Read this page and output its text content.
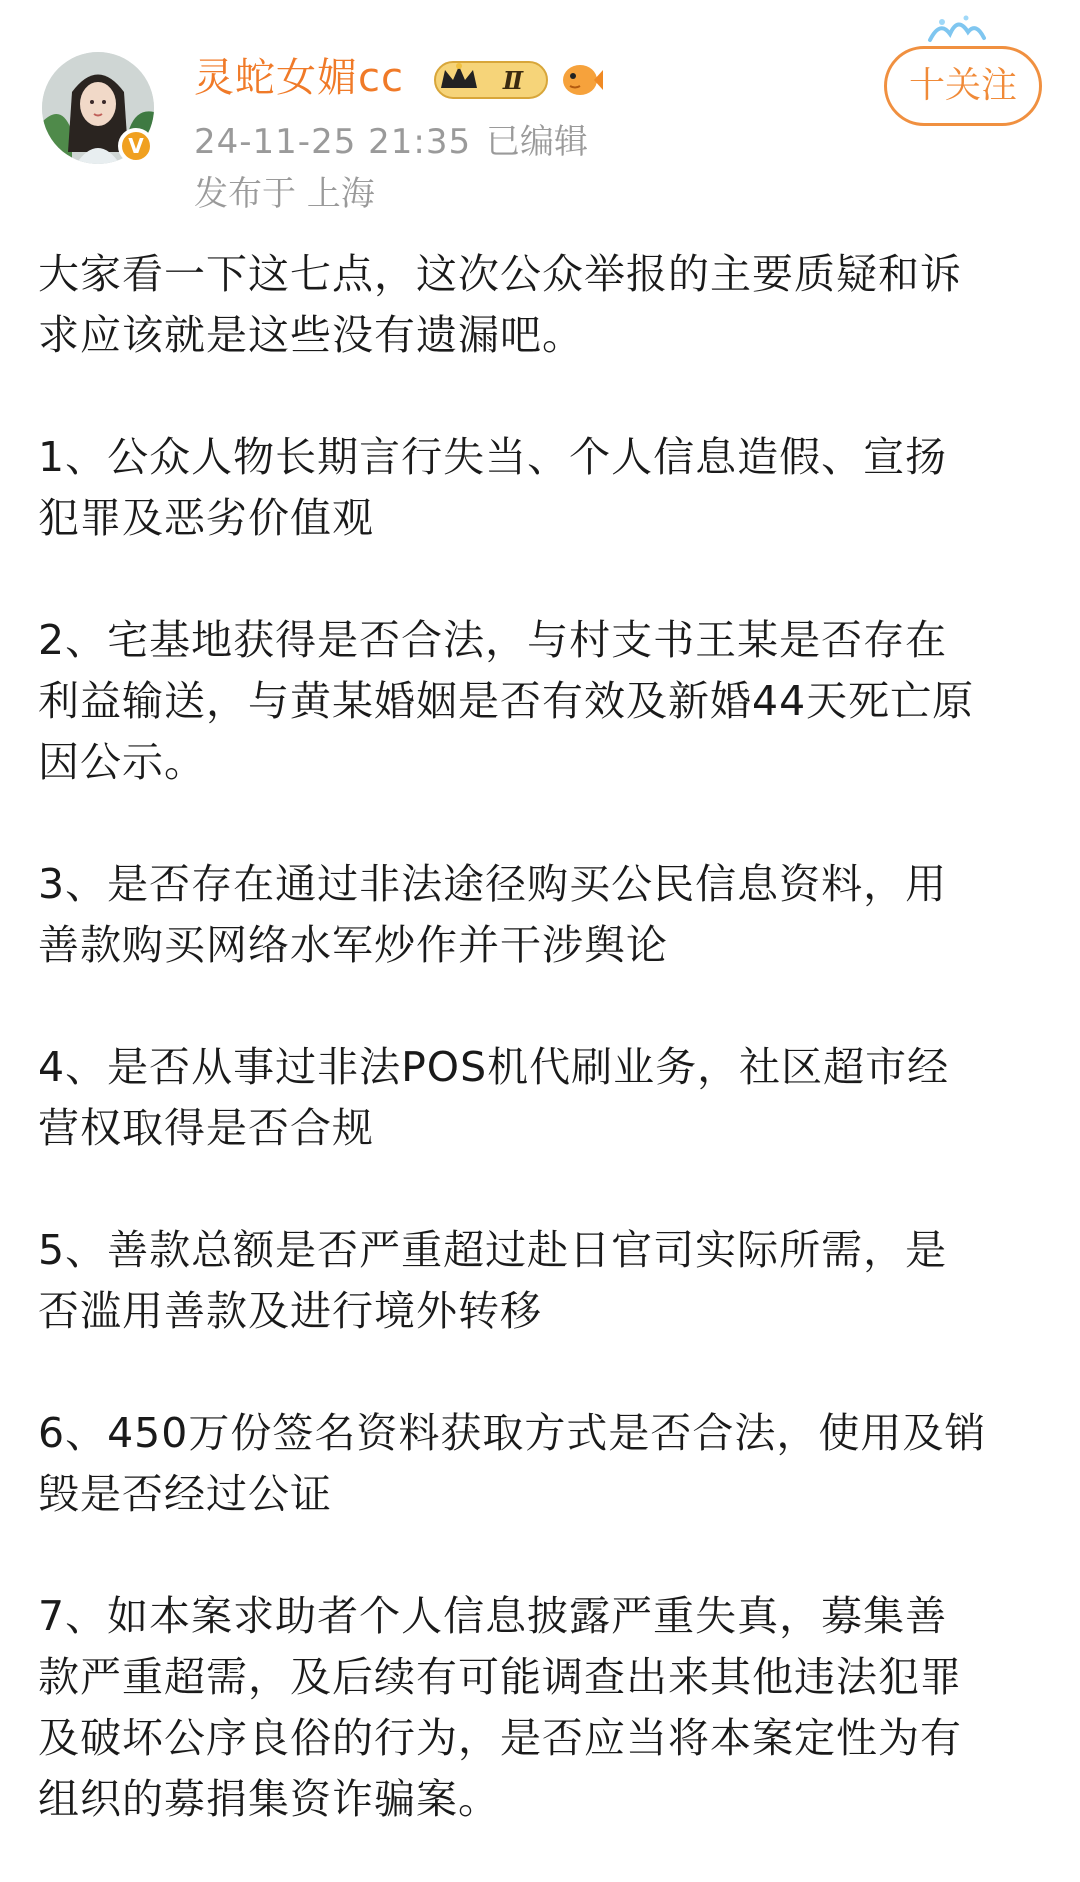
V
灵蛇女媚cc	Ⅱ
24-11-25 21:35 已编辑
发布于 上海
十关注

大家看一下这七点，这次公众举报的主要质疑和诉
求应该就是这些没有遗漏吧。

1、公众人物长期言行失当、个人信息造假、宣扬
犯罪及恶劣价值观

2、宅基地获得是否合法，与村支书王某是否存在
利益输送，与黄某婚姻是否有效及新婚44天死亡原
因公示。

3、是否存在通过非法途径购买公民信息资料，用
善款购买网络水军炒作并干涉舆论

4、是否从事过非法POS机代刷业务，社区超市经
营权取得是否合规

5、善款总额是否严重超过赴日官司实际所需，是
否滥用善款及进行境外转移

6、450万份签名资料获取方式是否合法，使用及销
毁是否经过公证

7、如本案求助者个人信息披露严重失真，募集善
款严重超需，及后续有可能调查出来其他违法犯罪
及破坏公序良俗的行为，是否应当将本案定性为有
组织的募捐集资诈骗案。
